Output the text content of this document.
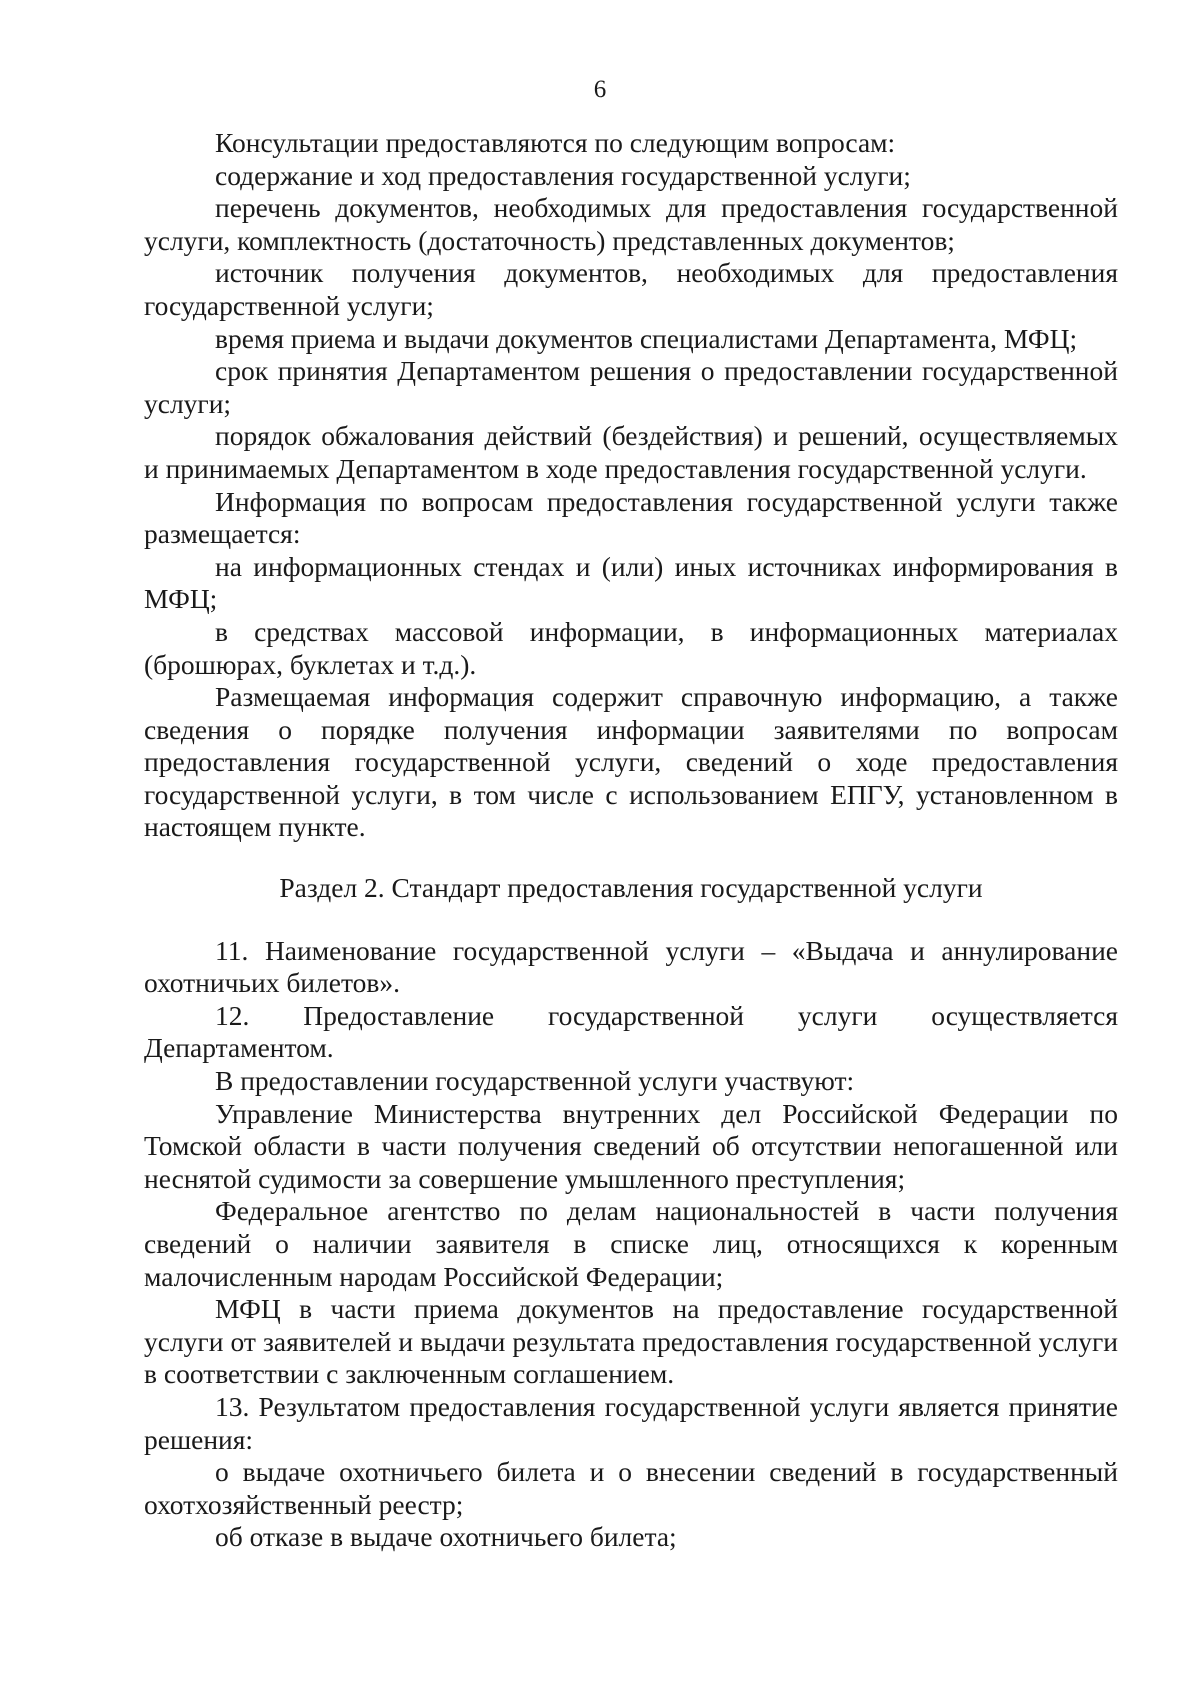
6

Консультации предоставляются по следующим вопросам:

содержание и ход предоставления государственной услуги;

перечень документов, необходимых для предоставления государственной услуги, комплектность (достаточность) представленных документов;

источник получения документов, необходимых для предоставления государственной услуги;

время приема и выдачи документов специалистами Департамента, МФЦ;

срок принятия Департаментом решения о предоставлении государственной услуги;

порядок обжалования действий (бездействия) и решений, осуществляемых и принимаемых Департаментом в ходе предоставления государственной услуги.

Информация по вопросам предоставления государственной услуги также размещается:

на информационных стендах и (или) иных источниках информирования в МФЦ;

в средствах массовой информации, в информационных материалах (брошюрах, буклетах и т.д.).

Размещаемая информация содержит справочную информацию, а также сведения о порядке получения информации заявителями по вопросам предоставления государственной услуги, сведений о ходе предоставления государственной услуги, в том числе с использованием ЕПГУ, установленном в настоящем пункте.

Раздел 2. Стандарт предоставления государственной услуги

11. Наименование государственной услуги – «Выдача и аннулирование охотничьих билетов».

12. Предоставление государственной услуги осуществляется Департаментом.

В предоставлении государственной услуги участвуют:

Управление Министерства внутренних дел Российской Федерации по Томской области в части получения сведений об отсутствии непогашенной или неснятой судимости за совершение умышленного преступления;

Федеральное агентство по делам национальностей в части получения сведений о наличии заявителя в списке лиц, относящихся к коренным малочисленным народам Российской Федерации;

МФЦ в части приема документов на предоставление государственной услуги от заявителей и выдачи результата предоставления государственной услуги в соответствии с заключенным соглашением.

13. Результатом предоставления государственной услуги является принятие решения:

о выдаче охотничьего билета и о внесении сведений в государственный охотхозяйственный реестр;

об отказе в выдаче охотничьего билета;
